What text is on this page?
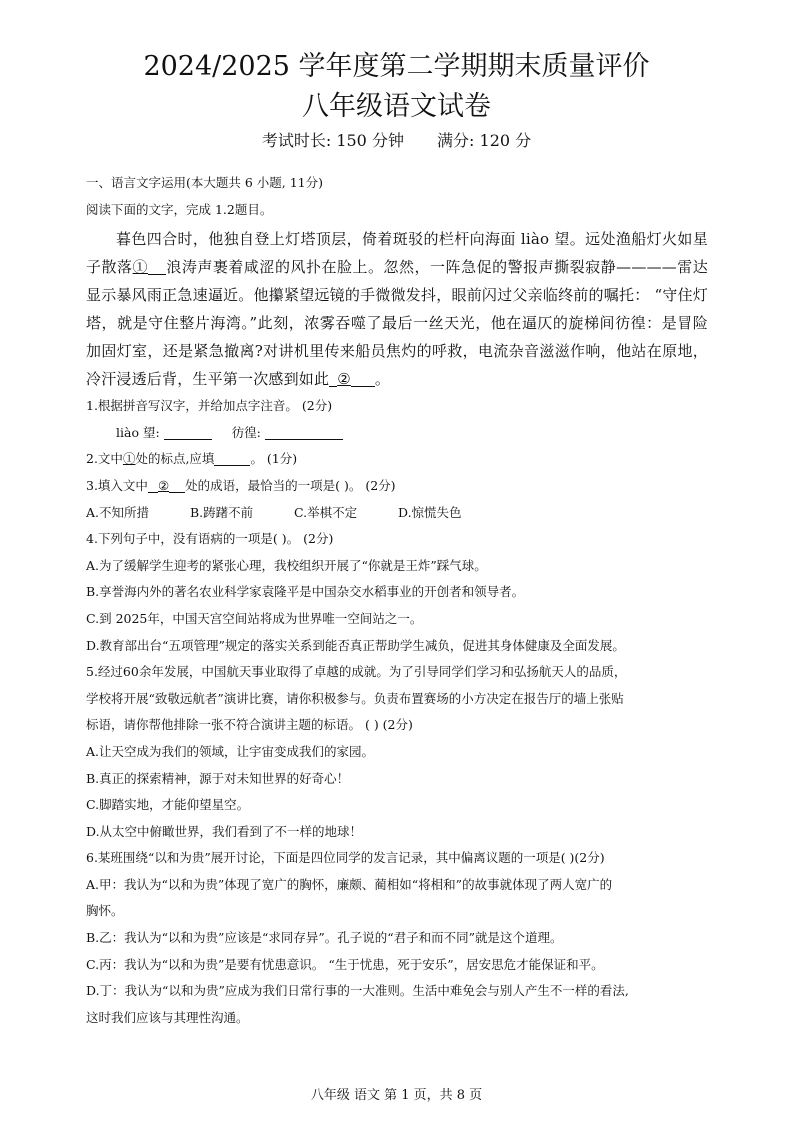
2024/2025 学年度第二学期期末质量评价
八年级语文试卷
考试时长: 150 分钟 满分: 120 分
一、语言文字运用(本大题共 6 小题, 11分)
阅读下面的文字，完成 1.2题目。
暮色四合时，他独自登上灯塔顶层，倚着斑驳的栏杆向海面 liào 望。远处渔船灯火如星子散落① 浪涛声裹着咸涩的风扑在脸上。忽然，一阵急促的警报声撕裂寂静————雷达显示暴风雨正急速逼近。他攥紧望远镜的手微微发抖，眼前闪过父亲临终前的嘱托： “守住灯塔，就是守住整片海湾。”此刻，浓雾吞噬了最后一丝天光，他在逼仄的旋梯间彷徨：是冒险加固灯室，还是紧急撤离?对讲机里传来船员焦灼的呼救，电流杂音滋滋作响，他站在原地，冷汗浸透后背，生平第一次感到如此 ② 。
1.根据拼音写汉字，并给加点字注音。 (2分)
liào 望:	彷徨:
2.文中①处的标点,应填	。 (1分)
3.填入文中 ② 处的成语，最恰当的一项是( )。 (2分)
A.不知所措	B.踌躇不前	C.举棋不定	D.惊慌失色
4.下列句子中，没有语病的一项是( )。 (2分)
A.为了缓解学生迎考的紧张心理，我校组织开展了“你就是王炸”踩气球。
B.享誉海内外的著名农业科学家袁隆平是中国杂交水稻事业的开创者和领导者。
C.到 2025年，中国天宫空间站将成为世界唯一空间站之一。
D.教育部出台“五项管理”规定的落实关系到能否真正帮助学生减负，促进其身体健康及全面发展。
5.经过60余年发展，中国航天事业取得了卓越的成就。为了引导同学们学习和弘扬航天人的品质，
学校将开展“致敬远航者”演讲比赛，请你积极参与。负责布置赛场的小方决定在报告厅的墙上张贴
标语，请你帮他排除一张不符合演讲主题的标语。 ( ) (2分)
A.让天空成为我们的领域，让宇宙变成我们的家园。
B.真正的探索精神，源于对未知世界的好奇心！
C.脚踏实地，才能仰望星空。
D.从太空中俯瞰世界，我们看到了不一样的地球！
6.某班围绕“以和为贵”展开讨论，下面是四位同学的发言记录，其中偏离议题的一项是( )(2分)
A.甲：我认为“以和为贵”体现了宽广的胸怀，廉颇、蔺相如“将相和”的故事就体现了两人宽广的
胸怀。
B.乙：我认为“以和为贵”应该是“求同存异”。孔子说的“君子和而不同”就是这个道理。
C.丙：我认为“以和为贵”是要有忧患意识。 “生于忧患，死于安乐”，居安思危才能保证和平。
D.丁：我认为“以和为贵”应成为我们日常行事的一大准则。生活中难免会与别人产生不一样的看法,
这时我们应该与其理性沟通。
八年级 语文 第 1 页，共 8 页
